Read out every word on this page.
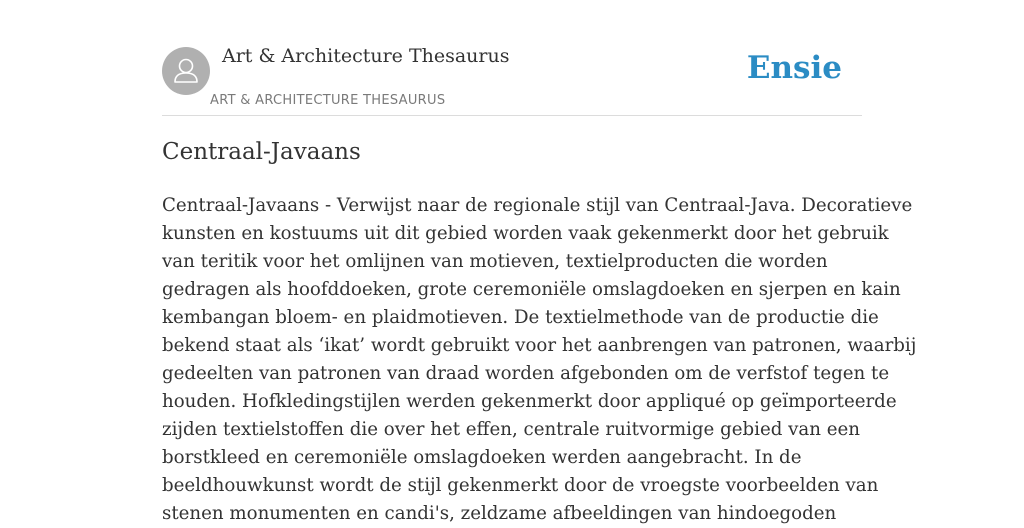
Art & Architecture Thesaurus
ART & ARCHITECTURE THESAURUS
Ensie
Centraal-Javaans
Centraal-Javaans - Verwijst naar de regionale stijl van Centraal-Java. Decoratieve
kunsten en kostuums uit dit gebied worden vaak gekenmerkt door het gebruik
van teritik voor het omlijnen van motieven, textielproducten die worden
gedragen als hoofddoeken, grote ceremoniële omslagdoeken en sjerpen en kain
kembangan bloem- en plaidmotieven. De textielmethode van de productie die
bekend staat als ‘ikat’ wordt gebruikt voor het aanbrengen van patronen, waarbij
gedeelten van patronen van draad worden afgebonden om de verfstof tegen te
houden. Hofkledingstijlen werden gekenmerkt door appliqué op geïmporteerde
zijden textielstoffen die over het effen, centrale ruitvormige gebied van een
borstkleed en ceremoniële omslagdoeken werden aangebracht. In de
beeldhouwkunst wordt de stijl gekenmerkt door de vroegste voorbeelden van
stenen monumenten en candi's, zeldzame afbeeldingen van hindoegoden
